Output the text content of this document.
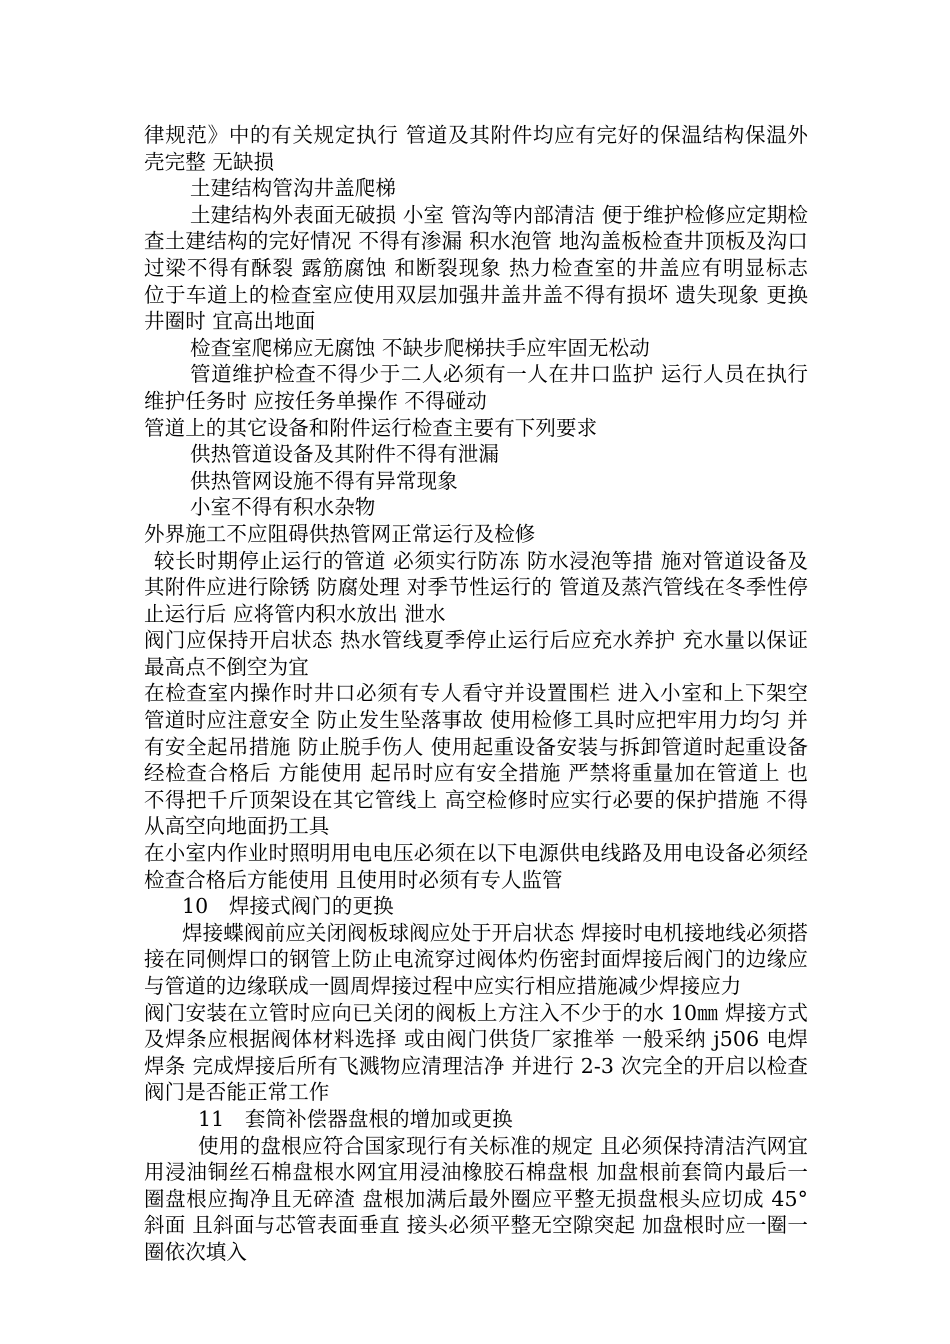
律规范》中的有关规定执行 管道及其附件均应有完好的保温结构保温外壳完整 无缺损

土建结构管沟井盖爬梯

土建结构外表面无破损 小室 管沟等内部清洁 便于维护检修应定期检查土建结构的完好情况 不得有渗漏 积水泡管 地沟盖板检查井顶板及沟口过梁不得有酥裂 露筋腐蚀 和断裂现象 热力检查室的井盖应有明显标志 位于车道上的检查室应使用双层加强井盖井盖不得有损坏 遗失现象 更换井圈时 宜高出地面

检查室爬梯应无腐蚀 不缺步爬梯扶手应牢固无松动

管道维护检查不得少于二人必须有一人在井口监护 运行人员在执行维护任务时 应按任务单操作 不得碰动

管道上的其它设备和附件运行检查主要有下列要求

供热管道设备及其附件不得有泄漏

供热管网设施不得有异常现象

小室不得有积水杂物

外界施工不应阻碍供热管网正常运行及检修

较长时期停止运行的管道 必须实行防冻 防水浸泡等措 施对管道设备及其附件应进行除锈 防腐处理 对季节性运行的 管道及蒸汽管线在冬季性停止运行后 应将管内积水放出 泄水

阀门应保持开启状态 热水管线夏季停止运行后应充水养护 充水量以保证最高点不倒空为宜

在检查室内操作时井口必须有专人看守并设置围栏 进入小室和上下架空管道时应注意安全 防止发生坠落事故 使用检修工具时应把牢用力均匀 并有安全起吊措施 防止脱手伤人 使用起重设备安装与拆卸管道时起重设备经检查合格后 方能使用 起吊时应有安全措施 严禁将重量加在管道上 也不得把千斤顶架设在其它管线上 高空检修时应实行必要的保护措施 不得从高空向地面扔工具

在小室内作业时照明用电电压必须在以下电源供电线路及用电设备必须经检查合格后方能使用 且使用时必须有专人监管

10　焊接式阀门的更换

焊接蝶阀前应关闭阀板球阀应处于开启状态 焊接时电机接地线必须搭接在同侧焊口的钢管上防止电流穿过阀体灼伤密封面焊接后阀门的边缘应与管道的边缘联成一圆周焊接过程中应实行相应措施减少焊接应力

阀门安装在立管时应向已关闭的阀板上方注入不少于的水 10㎜ 焊接方式及焊条应根据阀体材料选择 或由阀门供货厂家推举 一般采纳 j506 电焊焊条 完成焊接后所有飞溅物应清理洁净 并进行 2-3 次完全的开启以检查阀门是否能正常工作

11　套筒补偿器盘根的增加或更换

使用的盘根应符合国家现行有关标准的规定 且必须保持清洁汽网宜用浸油铜丝石棉盘根水网宜用浸油橡胶石棉盘根 加盘根前套筒内最后一圈盘根应掏净且无碎渣 盘根加满后最外圈应平整无损盘根头应切成 45° 斜面 且斜面与芯管表面垂直 接头必须平整无空隙突起 加盘根时应一圈一圈依次填入
